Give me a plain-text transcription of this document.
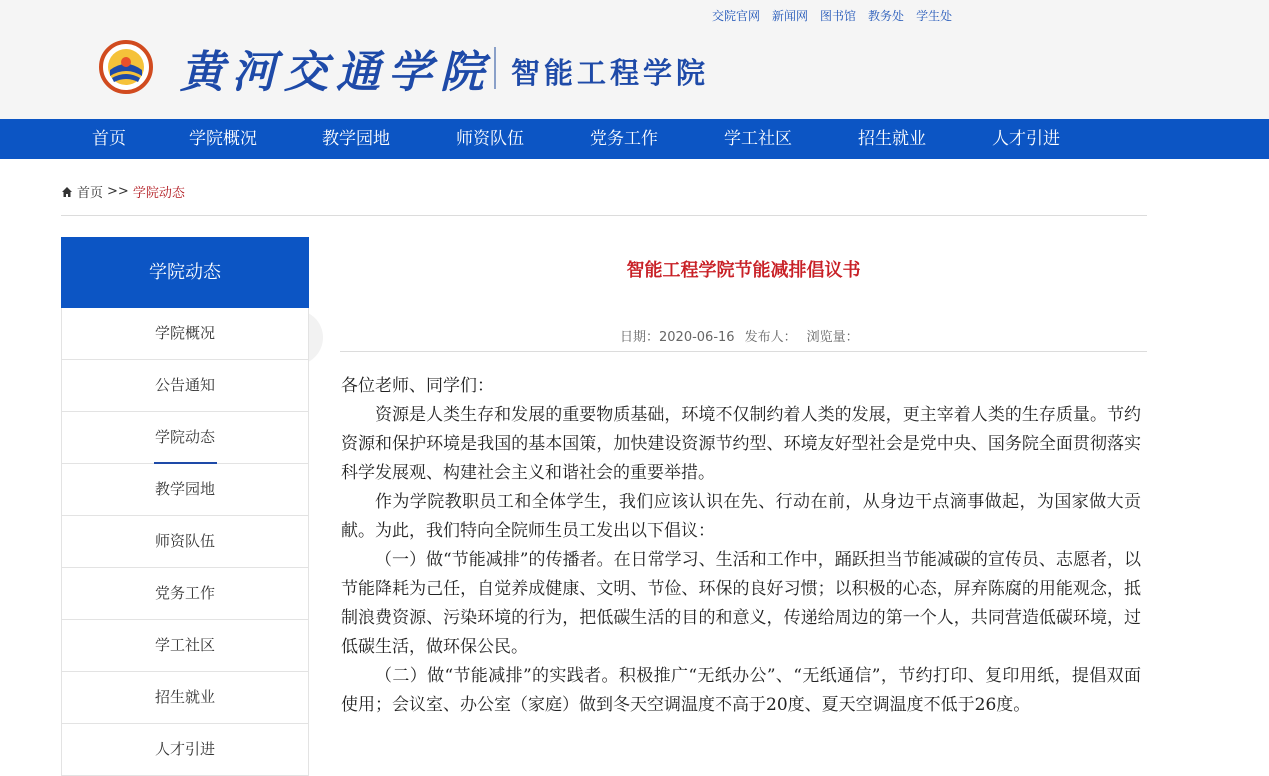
交院官网 新闻网 图书馆 教务处 学生处
黄河交通学院 智能工程学院
首页	学院概况	教学园地	师资队伍	党务工作	学工社区	招生就业	人才引进
首页 >> 学院动态
学院动态
学院概况
公告通知
学院动态
教学园地
师资队伍
党务工作
学工社区
招生就业
人才引进
智能工程学院节能减排倡议书
日期：2020-06-16 发布人： 浏览量：

各位老师、同学们：

资源是人类生存和发展的重要物质基础，环境不仅制约着人类的发展，更主宰着人类的生存质量。节约资源和保护环境是我国的基本国策，加快建设资源节约型、环境友好型社会是党中央、国务院全面贯彻落实科学发展观、构建社会主义和谐社会的重要举措。

作为学院教职员工和全体学生，我们应该认识在先、行动在前，从身边干点滴事做起，为国家做大贡献。为此，我们特向全院师生员工发出以下倡议：

（一）做“节能减排”的传播者。在日常学习、生活和工作中，踊跃担当节能减碳的宣传员、志愿者，以节能降耗为己任，自觉养成健康、文明、节俭、环保的良好习惯；以积极的心态，屏弃陈腐的用能观念，抵制浪费资源、污染环境的行为，把低碳生活的目的和意义，传递给周边的第一个人，共同营造低碳环境，过低碳生活，做环保公民。

（二）做“节能减排”的实践者。积极推广“无纸办公”、“无纸通信”，节约打印、复印用纸，提倡双面使用；会议室、办公室（家庭）做到冬天空调温度不高于20度、夏天空调温度不低于26度。
